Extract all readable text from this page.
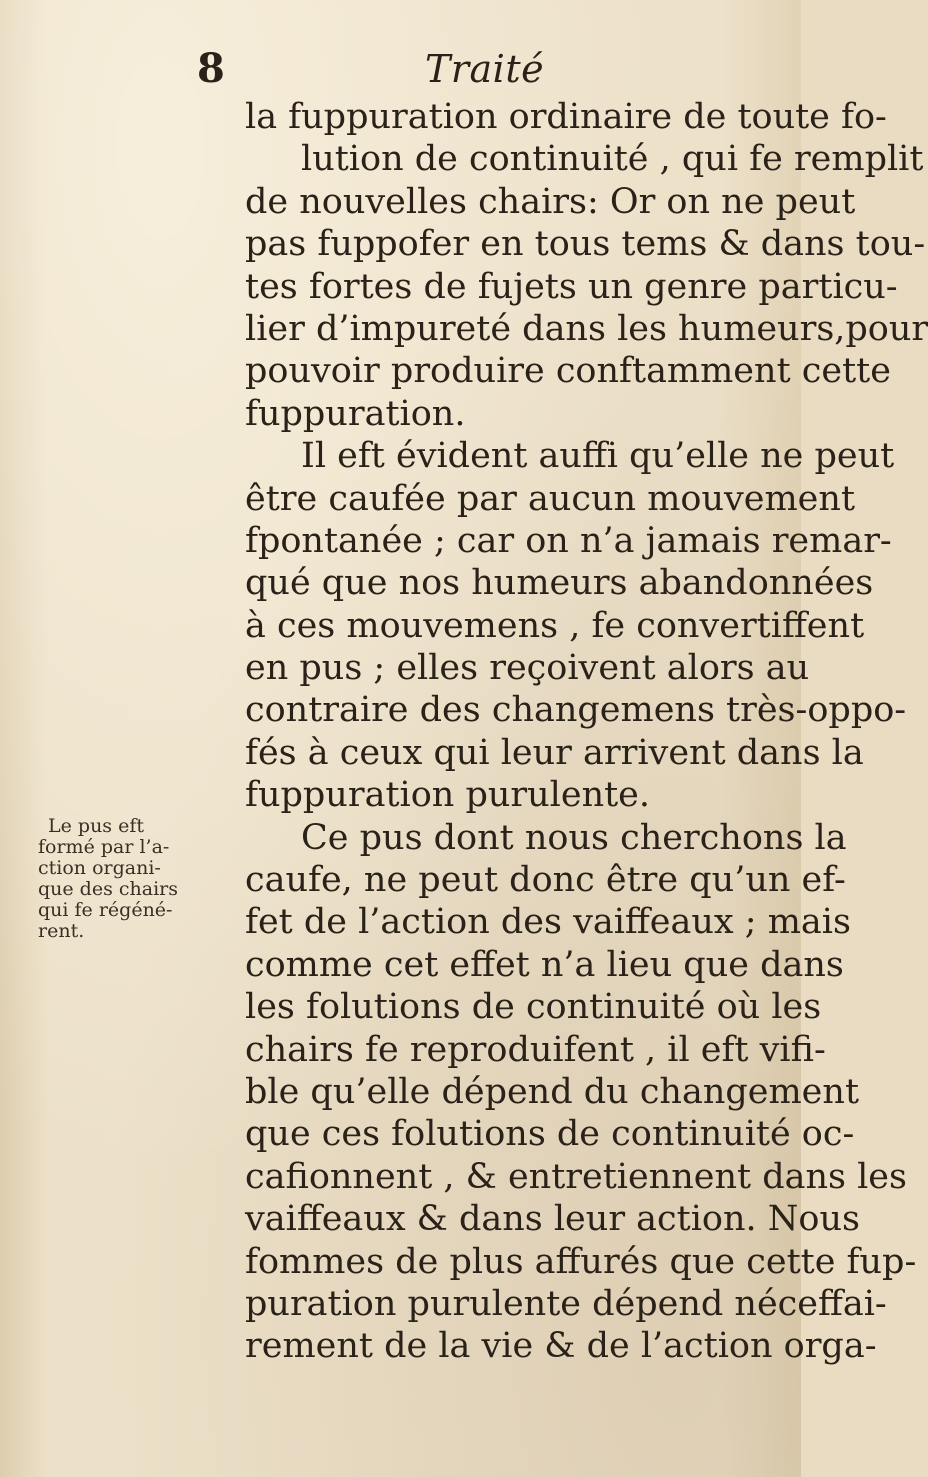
8	Traité
la fuppuration ordinaire de toute fo-
lution de continuité , qui fe remplit
de nouvelles chairs: Or on ne peut
pas fuppofer en tous tems & dans tou-
tes fortes de fujets un genre particu-
lier d’impureté dans les humeurs,pour
pouvoir produire conftamment cette
fuppuration.
Il eft évident auffi qu’elle ne peut
être caufée par aucun mouvement
fpontanée ; car on n’a jamais remar-
qué que nos humeurs abandonnées
à ces mouvemens , fe convertiffent
en pus ; elles reçoivent alors au
contraire des changemens très-oppo-
fés à ceux qui leur arrivent dans la
fuppuration purulente.
Ce pus dont nous cherchons la
caufe, ne peut donc être qu’un ef-
fet de l’action des vaiffeaux ; mais
comme cet effet n’a lieu que dans
les folutions de continuité où les
chairs fe reproduifent , il eft vifi-
ble qu’elle dépend du changement
que ces folutions de continuité oc-
cafionnent , & entretiennent dans les
vaiffeaux & dans leur action. Nous
fommes de plus affurés que cette fup-
puration purulente dépend néceffai-
rement de la vie & de l’action orga-
Le pus eft
formé par l’a-
ction organi-
que des chairs
qui fe régéné-
rent.
